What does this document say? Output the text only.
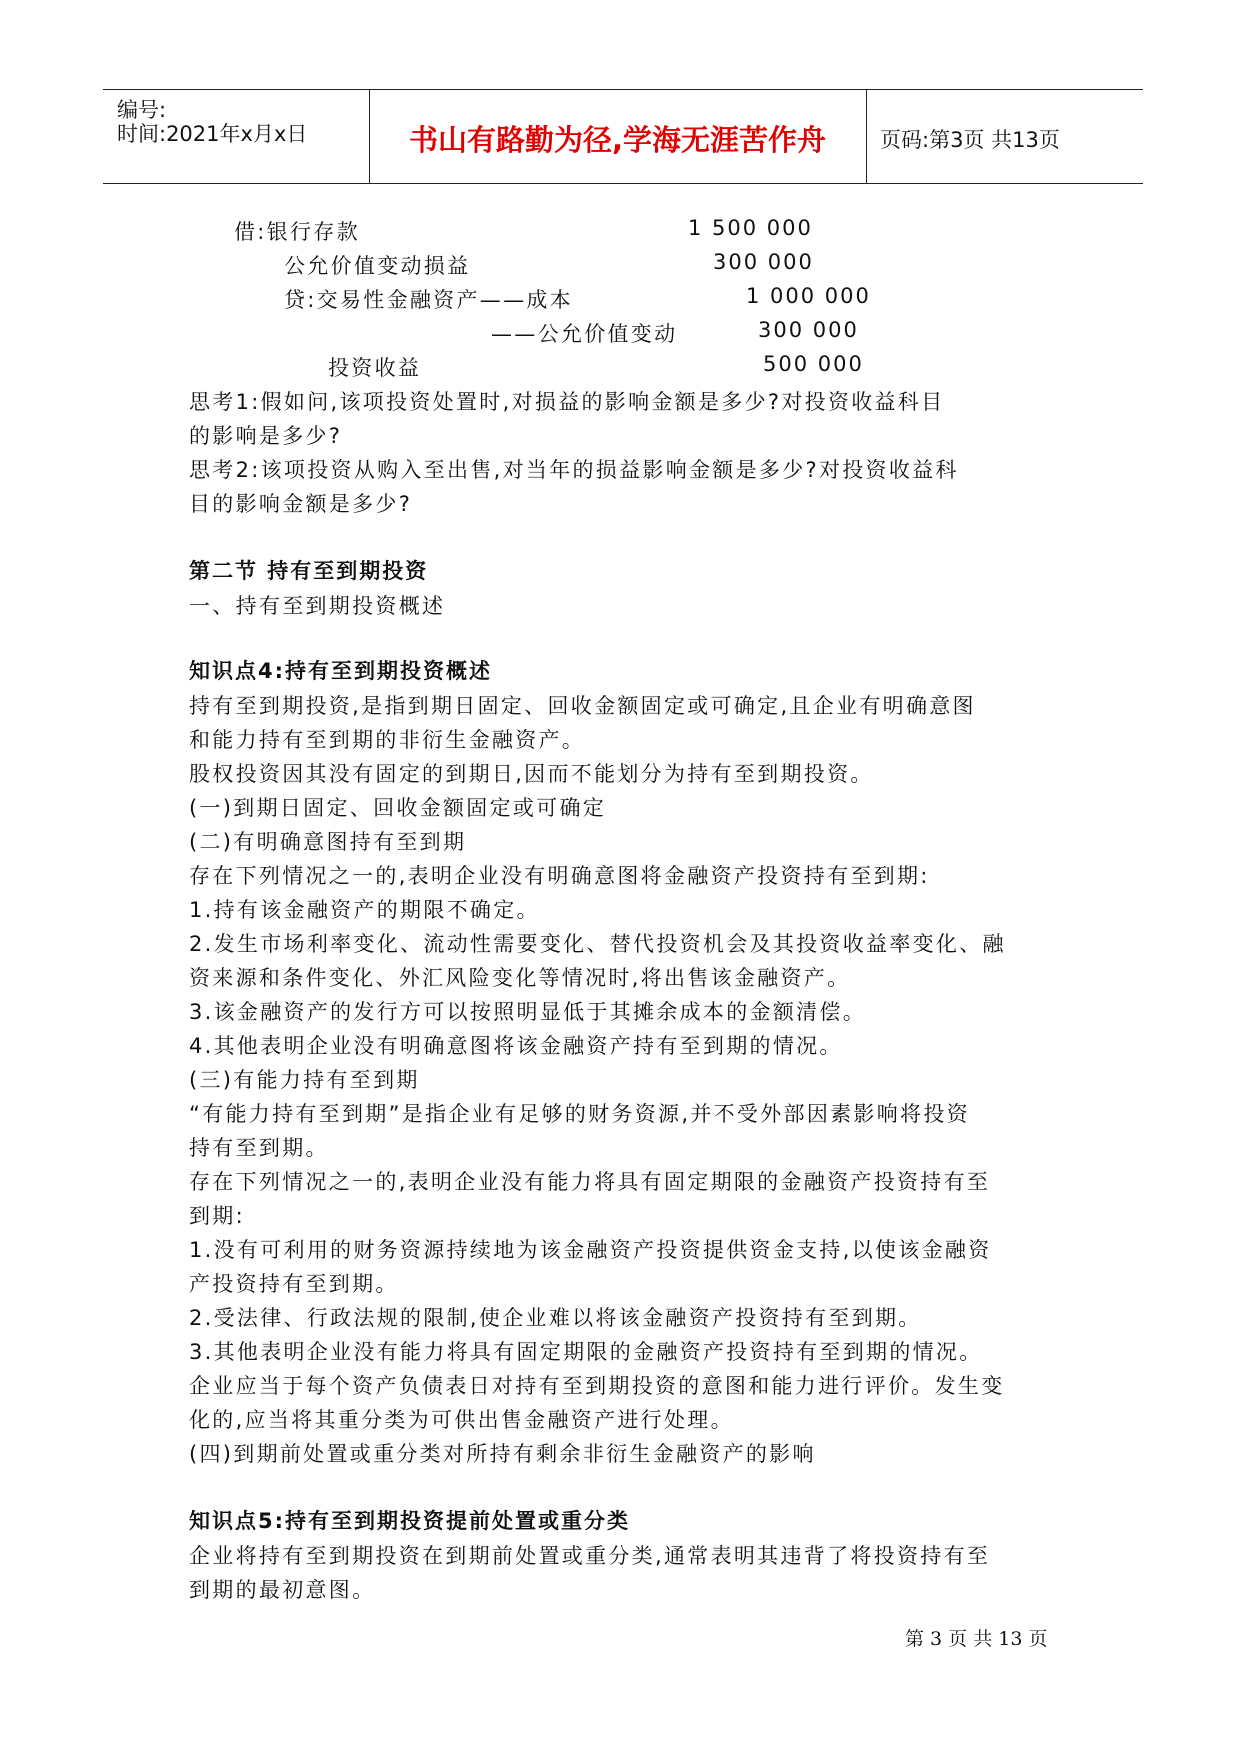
编号:
时间:2021年x月x日	书山有路勤为径,学海无涯苦作舟	页码:第3页 共13页
借:银行存款	1 500 000
公允价值变动损益	300 000
贷:交易性金融资产——成本	1 000 000
——公允价值变动	300 000
投资收益	500 000
思考1:假如问,该项投资处置时,对损益的影响金额是多少?对投资收益科目
的影响是多少?
思考2:该项投资从购入至出售,对当年的损益影响金额是多少?对投资收益科
目的影响金额是多少?
第二节 持有至到期投资
一、持有至到期投资概述
知识点4:持有至到期投资概述
持有至到期投资,是指到期日固定、回收金额固定或可确定,且企业有明确意图
和能力持有至到期的非衍生金融资产。
股权投资因其没有固定的到期日,因而不能划分为持有至到期投资。
(一)到期日固定、回收金额固定或可确定
(二)有明确意图持有至到期
存在下列情况之一的,表明企业没有明确意图将金融资产投资持有至到期:
1.持有该金融资产的期限不确定。
2.发生市场利率变化、流动性需要变化、替代投资机会及其投资收益率变化、融
资来源和条件变化、外汇风险变化等情况时,将出售该金融资产。
3.该金融资产的发行方可以按照明显低于其摊余成本的金额清偿。
4.其他表明企业没有明确意图将该金融资产持有至到期的情况。
(三)有能力持有至到期
“有能力持有至到期”是指企业有足够的财务资源,并不受外部因素影响将投资
持有至到期。
存在下列情况之一的,表明企业没有能力将具有固定期限的金融资产投资持有至
到期:
1.没有可利用的财务资源持续地为该金融资产投资提供资金支持,以使该金融资
产投资持有至到期。
2.受法律、行政法规的限制,使企业难以将该金融资产投资持有至到期。
3.其他表明企业没有能力将具有固定期限的金融资产投资持有至到期的情况。
企业应当于每个资产负债表日对持有至到期投资的意图和能力进行评价。发生变
化的,应当将其重分类为可供出售金融资产进行处理。
(四)到期前处置或重分类对所持有剩余非衍生金融资产的影响
知识点5:持有至到期投资提前处置或重分类
企业将持有至到期投资在到期前处置或重分类,通常表明其违背了将投资持有至
到期的最初意图。
第 3 页 共 13 页
